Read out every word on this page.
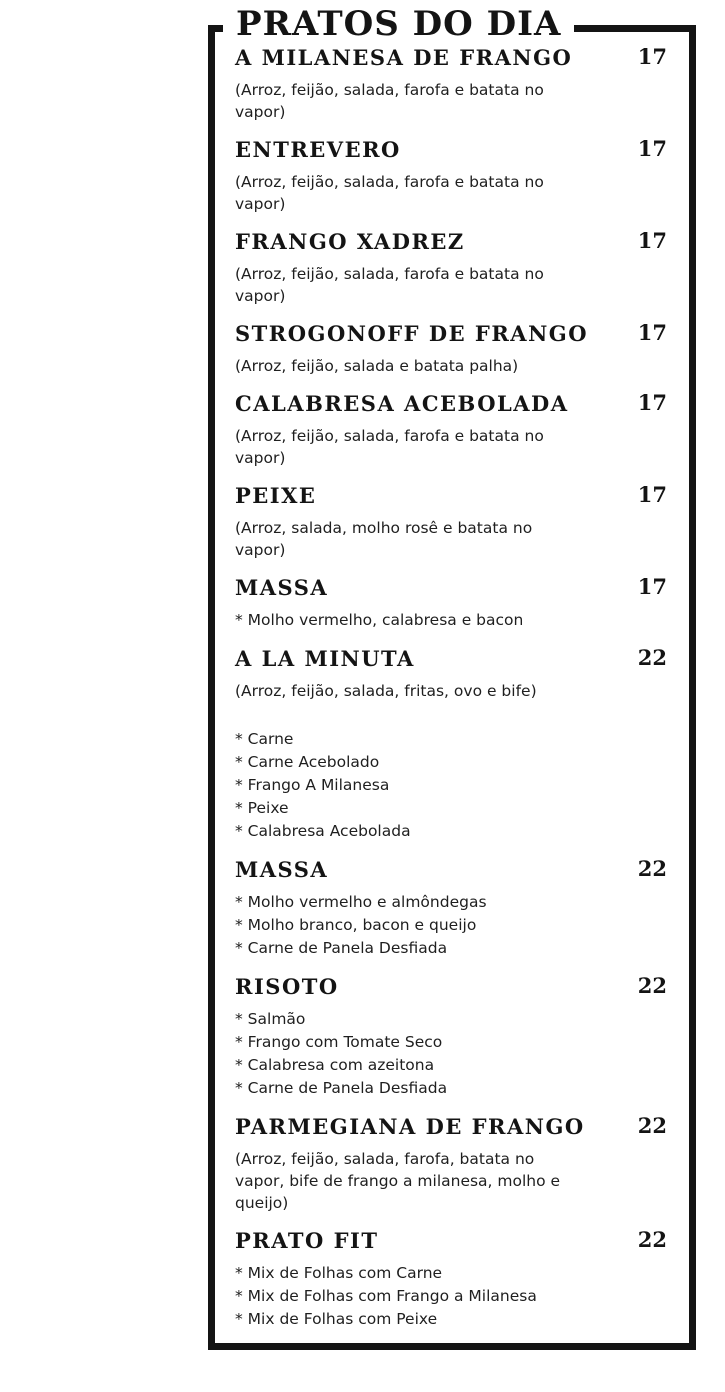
PRATOS DO DIA
A MILANESA DE FRANGO	17

(Arroz, feijão, salada, farofa e batata no vapor)

ENTREVERO	17

(Arroz, feijão, salada, farofa e batata no vapor)

FRANGO XADREZ	17

(Arroz, feijão, salada, farofa e batata no vapor)

STROGONOFF DE FRANGO 17

(Arroz, feijão, salada e batata palha)

CALABRESA ACEBOLADA	17

(Arroz, feijão, salada, farofa e batata no vapor)

PEIXE	17

(Arroz, salada, molho rosê e batata no vapor)

MASSA	17
* Molho vermelho, calabresa e bacon
A LA MINUTA	22

(Arroz, feijão, salada, fritas, ovo e bife)

* Carne
* Carne Acebolado
* Frango A Milanesa
* Peixe
* Calabresa Acebolada
MASSA	22
* Molho vermelho e almôndegas
* Molho branco, bacon e queijo
* Carne de Panela Desfiada
RISOTO	22
* Salmão
* Frango com Tomate Seco
* Calabresa com azeitona
* Carne de Panela Desfiada
PARMEGIANA DE FRANGO	22

(Arroz, feijão, salada, farofa, batata no vapor, bife de frango a milanesa, molho e queijo)

PRATO FIT	22
* Mix de Folhas com Carne
* Mix de Folhas com Frango a Milanesa
* Mix de Folhas com Peixe
